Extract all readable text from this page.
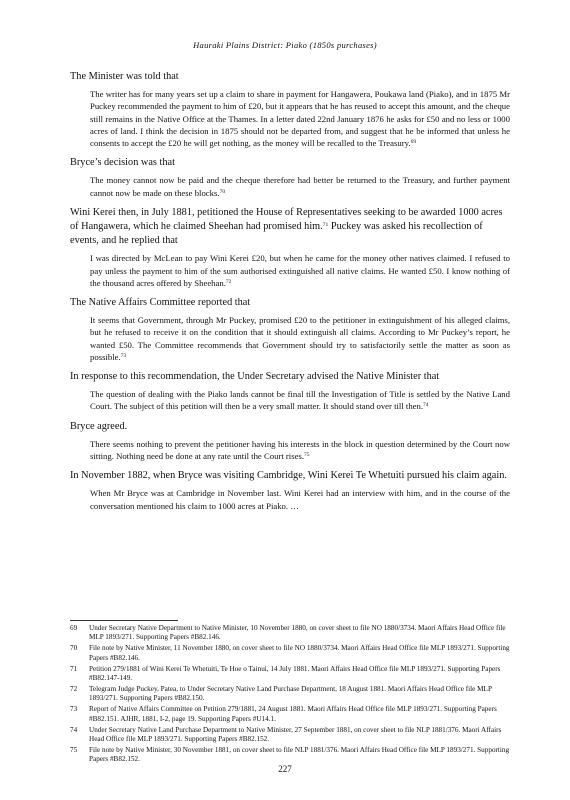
Hauraki Plains District: Piako (1850s purchases)

The Minister was told that

The writer has for many years set up a claim to share in payment for Hangawera, Poukawa land (Piako), and in 1875 Mr Puckey recommended the payment to him of £20, but it appears that he has reused to accept this amount, and the cheque still remains in the Native Office at the Thames. In a letter dated 22nd January 1876 he asks for £50 and no less or 1000 acres of land. I think the decision in 1875 should not be departed from, and suggest that he be informed that unless he consents to accept the £20 he will get nothing, as the money will be recalled to the Treasury.$^{69}$

Bryce’s decision was that

The money cannot now be paid and the cheque therefore had better be returned to the Treasury, and further payment cannot now be made on these blocks.$^{70}$

Wini Kerei then, in July 1881, petitioned the House of Representatives seeking to be awarded 1000 acres of Hangawera, which he claimed Sheehan had promised him.$^{71}$ Puckey was asked his recollection of events, and he replied that

I was directed by McLean to pay Wini Kerei £20, but when he came for the money other natives claimed. I refused to pay unless the payment to him of the sum authorised extinguished all native claims. He wanted £50. I know nothing of the thousand acres offered by Sheehan.$^{72}$

The Native Affairs Committee reported that

It seems that Government, through Mr Puckey, promised £20 to the petitioner in extinguishment of his alleged claims, but he refused to receive it on the condition that it should extinguish all claims. According to Mr Puckey’s report, he wanted £50. The Committee recommends that Government should try to satisfactorily settle the matter as soon as possible.$^{73}$

In response to this recommendation, the Under Secretary advised the Native Minister that

The question of dealing with the Piako lands cannot be final till the Investigation of Title is settled by the Native Land Court. The subject of this petition will then be a very small matter. It should stand over till then.$^{74}$

Bryce agreed.

There seems nothing to prevent the petitioner having his interests in the block in question determined by the Court now sitting. Nothing need be done at any rate until the Court rises.$^{75}$

In November 1882, when Bryce was visiting Cambridge, Wini Kerei Te Whetuiti pursued his claim again.

When Mr Bryce was at Cambridge in November last. Wini Kerei had an interview with him, and in the course of the conversation mentioned his claim to 1000 acres at Piako. …

69 Under Secretary Native Department to Native Minister, 10 November 1880, on cover sheet to file NO 1880/3734. Maori Affairs Head Office file MLP 1893/271. Supporting Papers #B82.146.
70 File note by Native Minister, 11 November 1880, on cover sheet to file NO 1880/3734. Maori Affairs Head Office file MLP 1893/271. Supporting Papers #B82.146.
71 Petition 279/1881 of Wini Kerei Te Whetuiti, Te Hoe o Tainui, 14 July 1881. Maori Affairs Head Office file MLP 1893/271. Supporting Papers #B82.147-149.
72 Telegram Judge Puckey, Patea, to Under Secretary Native Land Purchase Department, 18 August 1881. Maori Affairs Head Office file MLP 1893/271. Supporting Papers #B82.150.
73 Report of Native Affairs Committee on Petition 279/1881, 24 August 1881. Maori Affairs Head Office file MLP 1893/271. Supporting Papers #B82.151. AJHR, 1881, I-2, page 19. Supporting Papers #U14.1.
74 Under Secretary Native Land Purchase Department to Native Minister, 27 September 1881, on cover sheet to file NLP 1881/376. Maori Affairs Head Office file MLP 1893/271. Supporting Papers #B82.152.
75 File note by Native Minister, 30 November 1881, on cover sheet to file NLP 1881/376. Maori Affairs Head Office file MLP 1893/271. Supporting Papers #B82.152.
227
